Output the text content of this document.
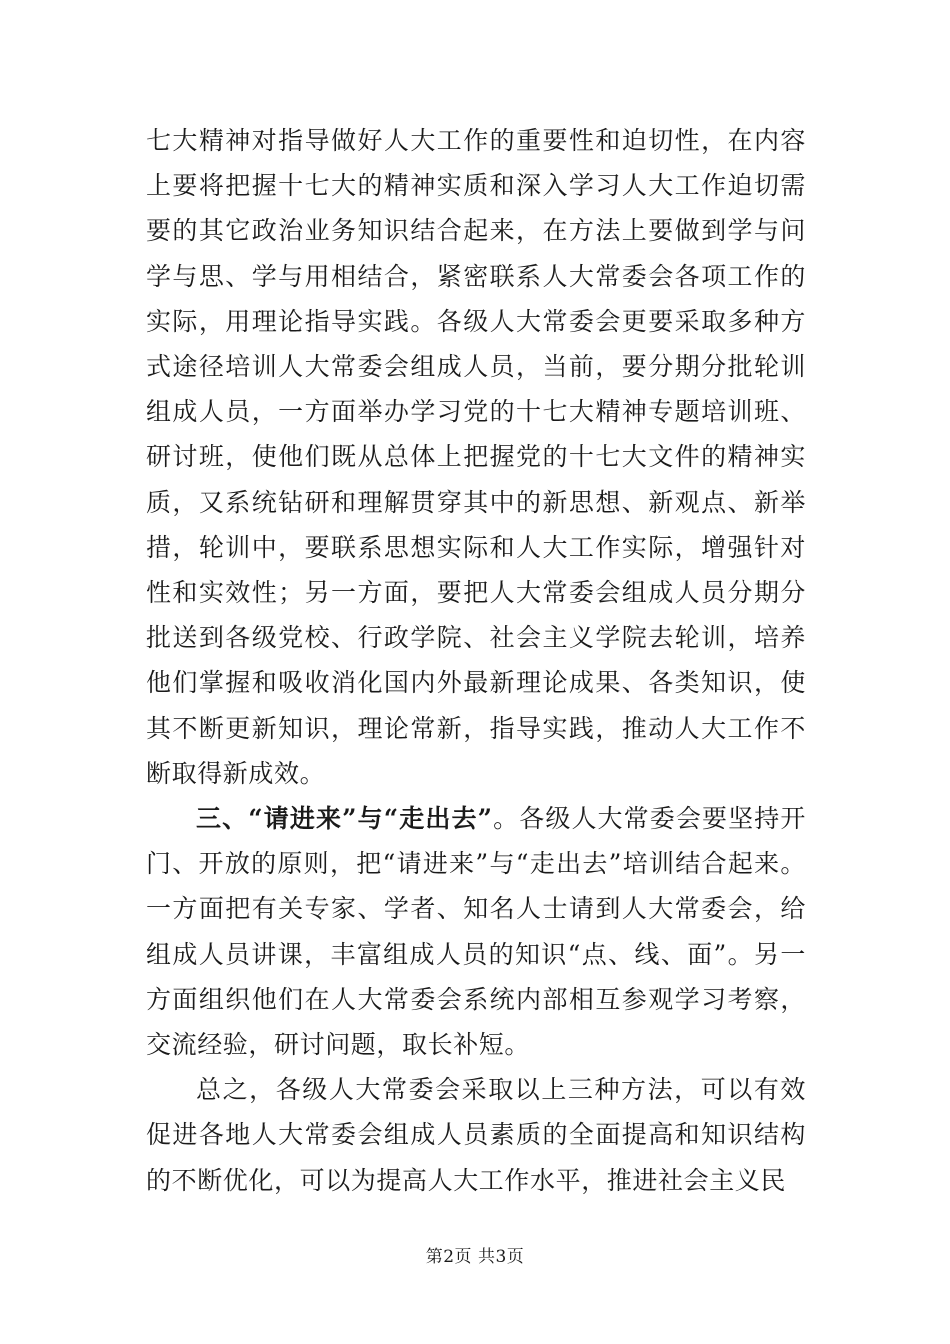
七大精神对指导做好人大工作的重要性和迫切性，在内容上要将把握十七大的精神实质和深入学习人大工作迫切需要的其它政治业务知识结合起来，在方法上要做到学与问学与思、学与用相结合，紧密联系人大常委会各项工作的实际，用理论指导实践。各级人大常委会更要采取多种方式途径培训人大常委会组成人员，当前，要分期分批轮训组成人员，一方面举办学习党的十七大精神专题培训班、研讨班，使他们既从总体上把握党的十七大文件的精神实质，又系统钻研和理解贯穿其中的新思想、新观点、新举措，轮训中，要联系思想实际和人大工作实际，增强针对性和实效性；另一方面，要把人大常委会组成人员分期分批送到各级党校、行政学院、社会主义学院去轮训，培养他们掌握和吸收消化国内外最新理论成果、各类知识，使其不断更新知识，理论常新，指导实践，推动人大工作不断取得新成效。

三、“请进来”与“走出去”。各级人大常委会要坚持开门、开放的原则，把“请进来”与“走出去”培训结合起来。一方面把有关专家、学者、知名人士请到人大常委会，给组成人员讲课，丰富组成人员的知识“点、线、面”。另一方面组织他们在人大常委会系统内部相互参观学习考察，交流经验，研讨问题，取长补短。

总之，各级人大常委会采取以上三种方法，可以有效促进各地人大常委会组成人员素质的全面提高和知识结构的不断优化，可以为提高人大工作水平，推进社会主义民

第2页 共3页
